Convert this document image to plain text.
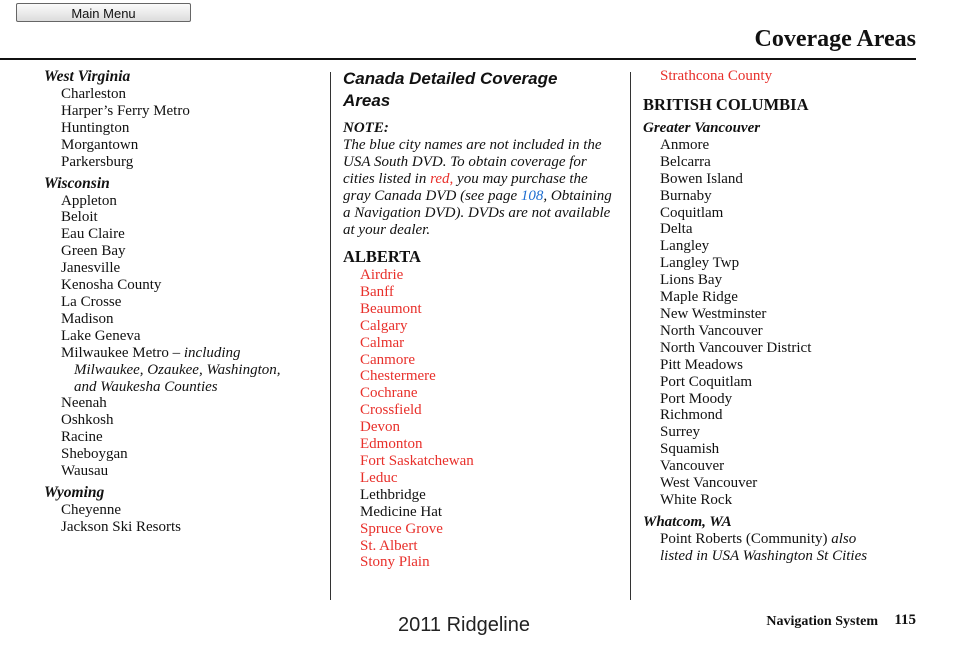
Main Menu
Coverage Areas
West Virginia
Charleston
Harper’s Ferry Metro
Huntington
Morgantown
Parkersburg
Wisconsin
Appleton
Beloit
Eau Claire
Green Bay
Janesville
Kenosha County
La Crosse
Madison
Lake Geneva
Milwaukee Metro – including
Milwaukee, Ozaukee, Washington,
and Waukesha Counties
Neenah
Oshkosh
Racine
Sheboygan
Wausau
Wyoming
Cheyenne
Jackson Ski Resorts
Canada Detailed Coverage
Areas
NOTE:
The blue city names are not included in the USA South DVD. To obtain coverage for cities listed in red, you may purchase the gray Canada DVD (see page 108, Obtaining a Navigation DVD). DVDs are not available at your dealer.
ALBERTA
Airdrie
Banff
Beaumont
Calgary
Calmar
Canmore
Chestermere
Cochrane
Crossfield
Devon
Edmonton
Fort Saskatchewan
Leduc
Lethbridge
Medicine Hat
Spruce Grove
St. Albert
Stony Plain
Strathcona County
BRITISH COLUMBIA
Greater Vancouver
Anmore
Belcarra
Bowen Island
Burnaby
Coquitlam
Delta
Langley
Langley Twp
Lions Bay
Maple Ridge
New Westminster
North Vancouver
North Vancouver District
Pitt Meadows
Port Coquitlam
Port Moody
Richmond
Surrey
Squamish
Vancouver
West Vancouver
White Rock
Whatcom, WA
Point Roberts (Community) also
listed in USA Washington St Cities
Navigation System 115
2011 Ridgeline
